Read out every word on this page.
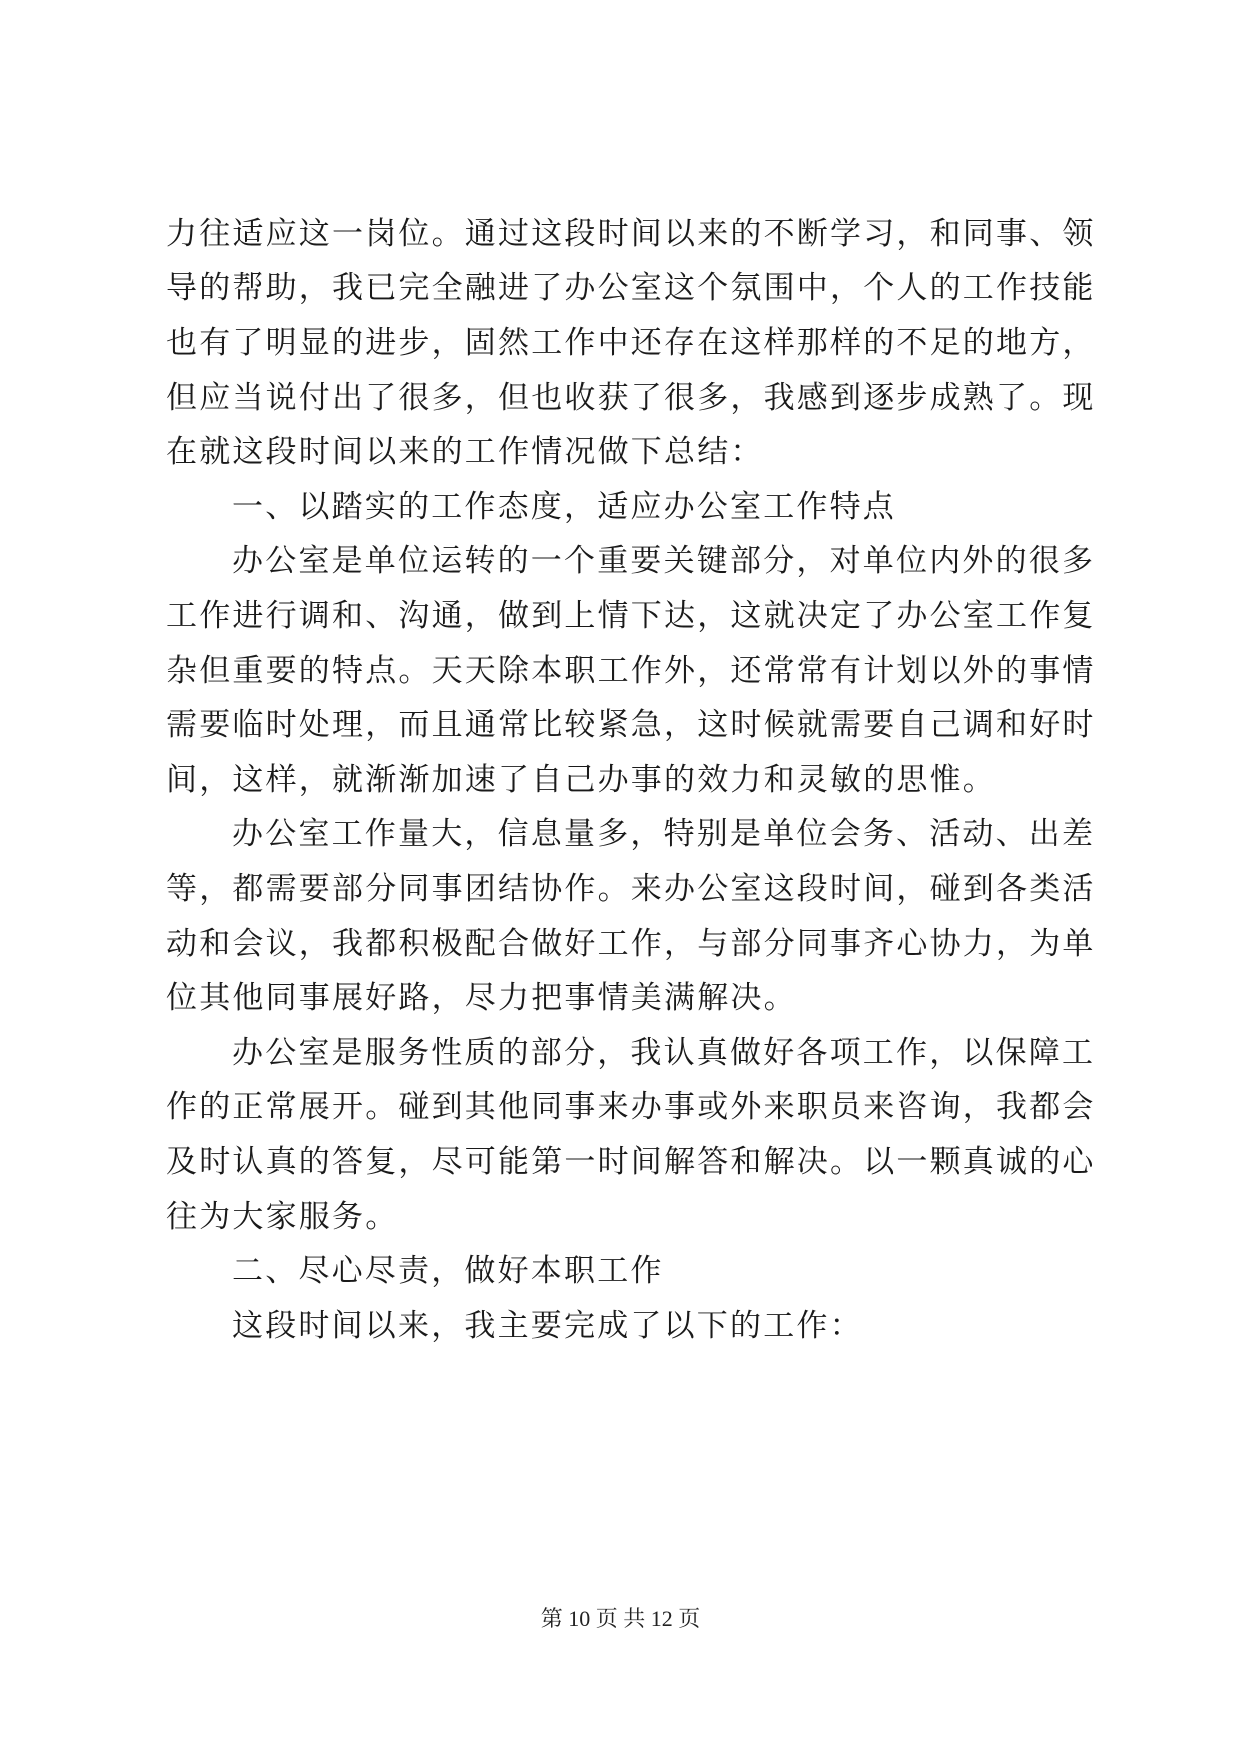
力往适应这一岗位。通过这段时间以来的不断学习，和同事、领
导的帮助，我已完全融进了办公室这个氛围中，个人的工作技能
也有了明显的进步，固然工作中还存在这样那样的不足的地方，
但应当说付出了很多，但也收获了很多，我感到逐步成熟了。现
在就这段时间以来的工作情况做下总结：
一、以踏实的工作态度，适应办公室工作特点
办公室是单位运转的一个重要关键部分，对单位内外的很多
工作进行调和、沟通，做到上情下达，这就决定了办公室工作复
杂但重要的特点。天天除本职工作外，还常常有计划以外的事情
需要临时处理，而且通常比较紧急，这时候就需要自己调和好时
间，这样，就渐渐加速了自己办事的效力和灵敏的思惟。
办公室工作量大，信息量多，特别是单位会务、活动、出差
等，都需要部分同事团结协作。来办公室这段时间，碰到各类活
动和会议，我都积极配合做好工作，与部分同事齐心协力，为单
位其他同事展好路，尽力把事情美满解决。
办公室是服务性质的部分，我认真做好各项工作，以保障工
作的正常展开。碰到其他同事来办事或外来职员来咨询，我都会
及时认真的答复，尽可能第一时间解答和解决。以一颗真诚的心
往为大家服务。
二、尽心尽责，做好本职工作
这段时间以来，我主要完成了以下的工作：
第 10 页 共 12 页
